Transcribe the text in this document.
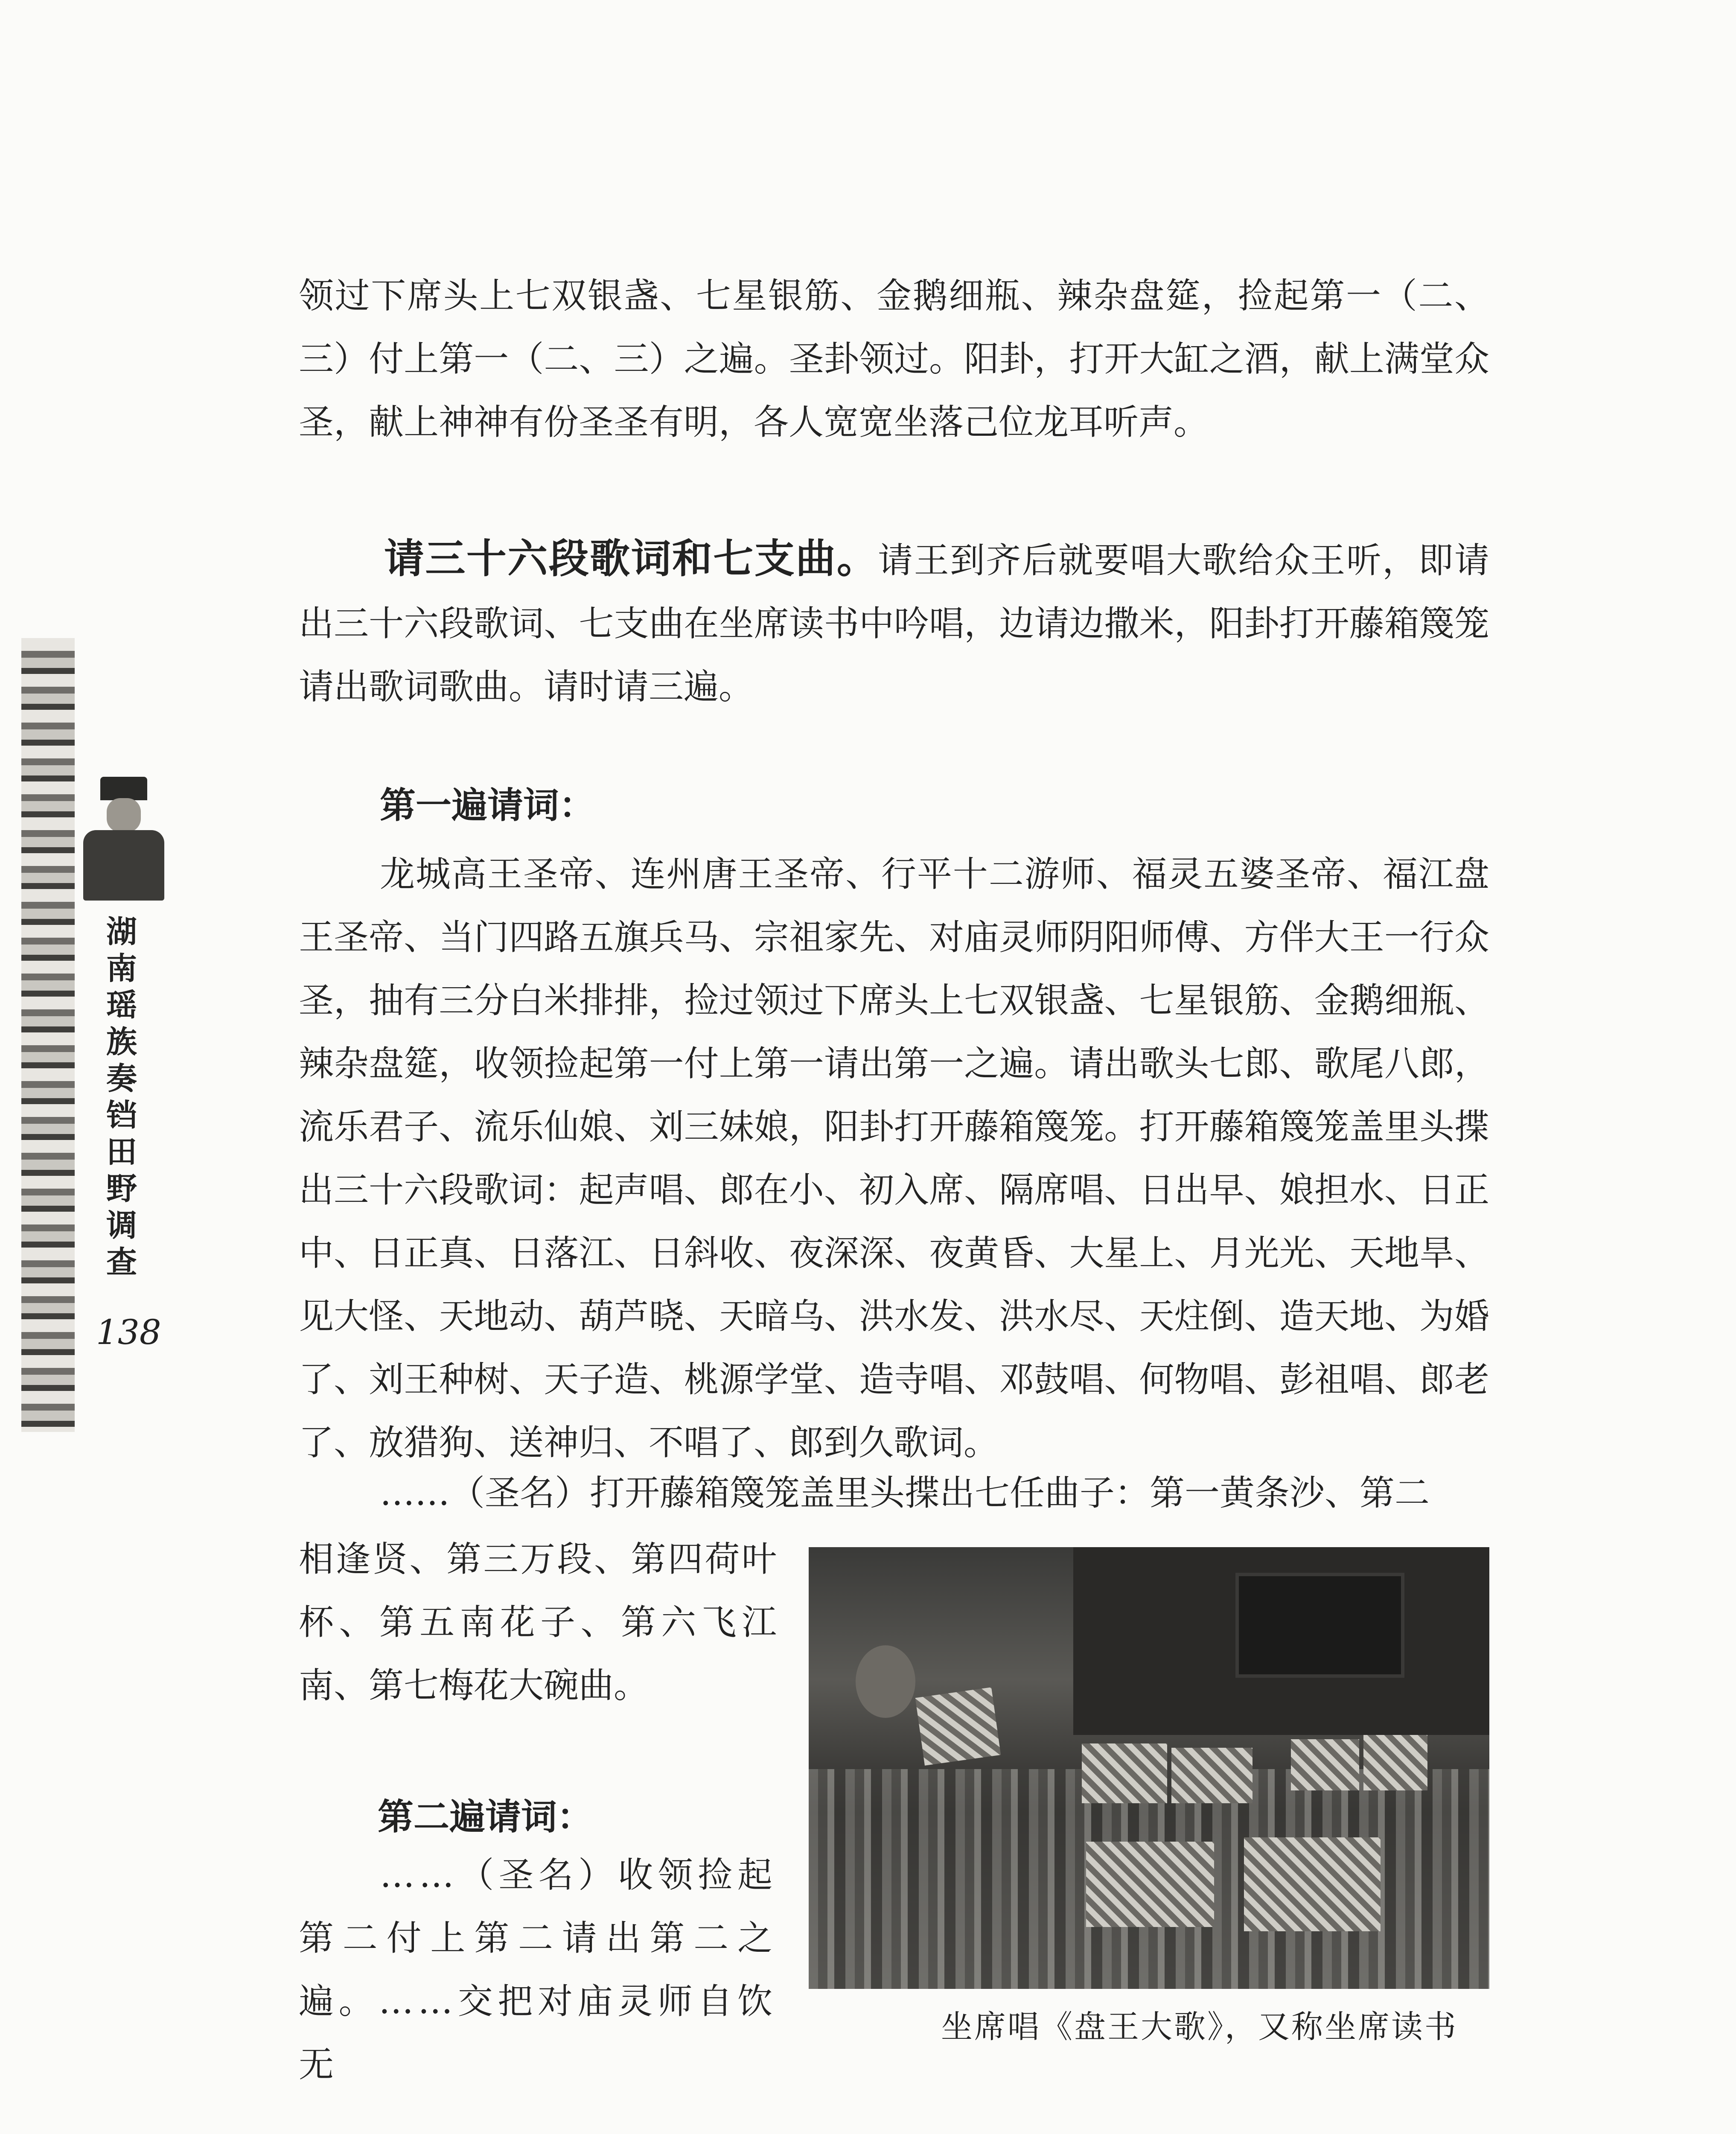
湖南瑶族奏铛田野调查

138

领过下席头上七双银盏、七星银筋、金鹅细瓶、辣杂盘筵，捡起第一（二、三）付上第一（二、三）之遍。圣卦领过。阳卦，打开大缸之酒，献上满堂众圣，献上神神有份圣圣有明，各人宽宽坐落己位龙耳听声。

请三十六段歌词和七支曲。请王到齐后就要唱大歌给众王听，即请出三十六段歌词、七支曲在坐席读书中吟唱，边请边撒米，阳卦打开藤箱篾笼请出歌词歌曲。请时请三遍。

第一遍请词：

龙城高王圣帝、连州唐王圣帝、行平十二游师、福灵五婆圣帝、福江盘王圣帝、当门四路五旗兵马、宗祖家先、对庙灵师阴阳师傅、方伴大王一行众圣，抽有三分白米排排，捡过领过下席头上七双银盏、七星银筋、金鹅细瓶、辣杂盘筵，收领捡起第一付上第一请出第一之遍。请出歌头七郎、歌尾八郎，流乐君子、流乐仙娘、刘三妹娘，阳卦打开藤箱篾笼。打开藤箱篾笼盖里头揲出三十六段歌词：起声唱、郎在小、初入席、隔席唱、日出早、娘担水、日正中、日正真、日落江、日斜收、夜深深、夜黄昏、大星上、月光光、天地旱、见大怪、天地动、葫芦晓、天暗乌、洪水发、洪水尽、天炷倒、造天地、为婚了、刘王种树、天子造、桃源学堂、造寺唱、邓鼓唱、何物唱、彭祖唱、郎老了、放猎狗、送神归、不唱了、郎到久歌词。

……（圣名）打开藤箱篾笼盖里头揲出七任曲子：第一黄条沙、第二

相逢贤、第三万段、第四荷叶杯、第五南花子、第六飞江南、第七梅花大碗曲。

第二遍请词：

……（圣名）收领捡起第二付上第二请出第二之遍。……交把对庙灵师自饮无

坐席唱《盘王大歌》，又称坐席读书
